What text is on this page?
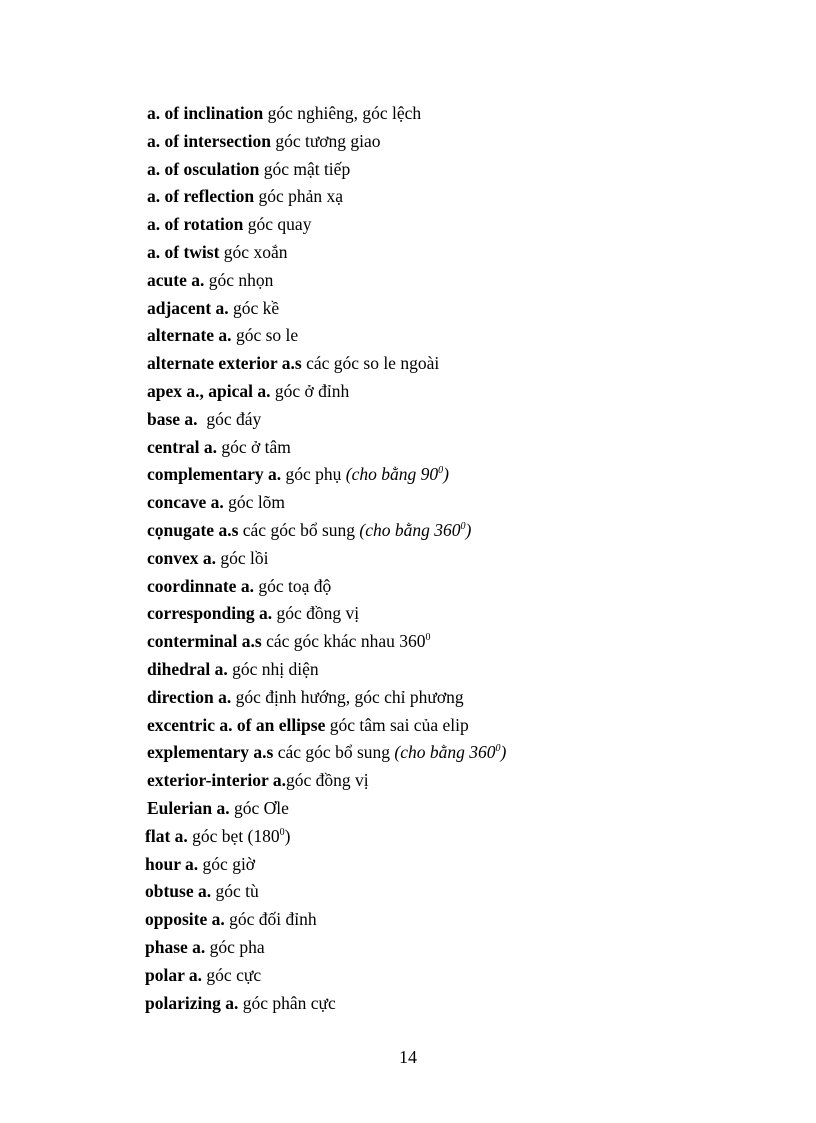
a. of inclination góc nghiêng, góc lệch
a. of intersection góc tương giao
a. of osculation góc mật tiếp
a. of reflection góc phản xạ
a. of rotation góc quay
a. of twist góc xoắn
acute a. góc nhọn
adjacent a. góc kề
alternate a. góc so le
alternate exterior a.s các góc so le ngoài
apex a., apical a. góc ở đỉnh
base a.  góc đáy
central a. góc ở tâm
complementary a. góc phụ (cho bằng $90^0$)
concave a. góc lõm
cọnugate a.s các góc bổ sung (cho bằng $360^0$)
convex a. góc lồi
coordinnate a. góc toạ độ
corresponding a. góc đồng vị
conterminal a.s các góc khác nhau $360^0$
dihedral a. góc nhị diện
direction a. góc định hướng, góc chỉ phương
excentric a. of an ellipse góc tâm sai của elip
explementary a.s các góc bổ sung (cho bằng $360^0$)
exterior-interior a.góc đồng vị
Eulerian a. góc Ơle
flat a. góc bẹt $(180^0)$
hour a. góc giờ
obtuse a. góc tù
opposite a. góc đối đỉnh
phase a. góc pha
polar a. góc cực
polarizing a. góc phân cực
14
